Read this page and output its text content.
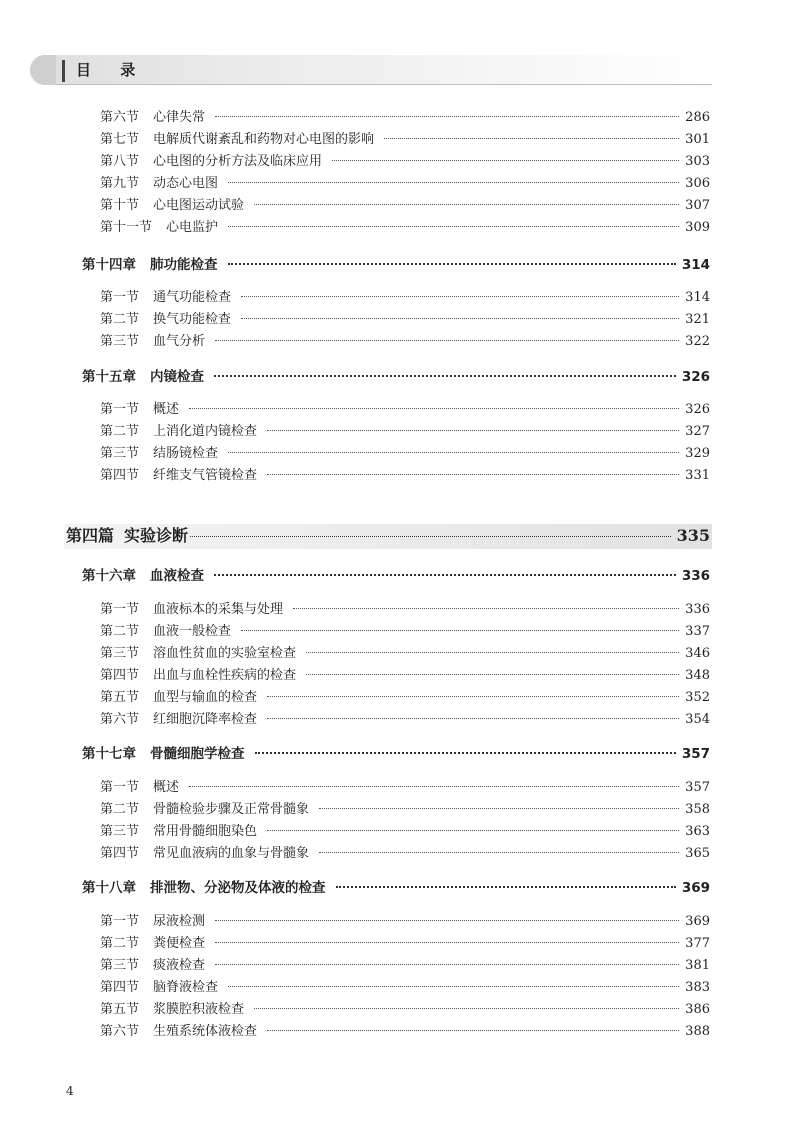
目 录
第六节 心律失常	286
第七节 电解质代谢紊乱和药物对心电图的影响	301
第八节 心电图的分析方法及临床应用	303
第九节 动态心电图	306
第十节 心电图运动试验	307
第十一节 心电监护	309
第十四章 肺功能检查	314
第一节 通气功能检查	314
第二节 换气功能检查	321
第三节 血气分析	322
第十五章 内镜检查	326
第一节 概述	326
第二节 上消化道内镜检查	327
第三节 结肠镜检查	329
第四节 纤维支气管镜检查	331
第四篇 实验诊断	335
第十六章 血液检查	336
第一节 血液标本的采集与处理	336
第二节 血液一般检查	337
第三节 溶血性贫血的实验室检查	346
第四节 出血与血栓性疾病的检查	348
第五节 血型与输血的检查	352
第六节 红细胞沉降率检查	354
第十七章 骨髓细胞学检查	357
第一节 概述	357
第二节 骨髓检验步骤及正常骨髓象	358
第三节 常用骨髓细胞染色	363
第四节 常见血液病的血象与骨髓象	365
第十八章 排泄物、分泌物及体液的检查	369
第一节 尿液检测	369
第二节 粪便检查	377
第三节 痰液检查	381
第四节 脑脊液检查	383
第五节 浆膜腔积液检查	386
第六节 生殖系统体液检查	388
4
